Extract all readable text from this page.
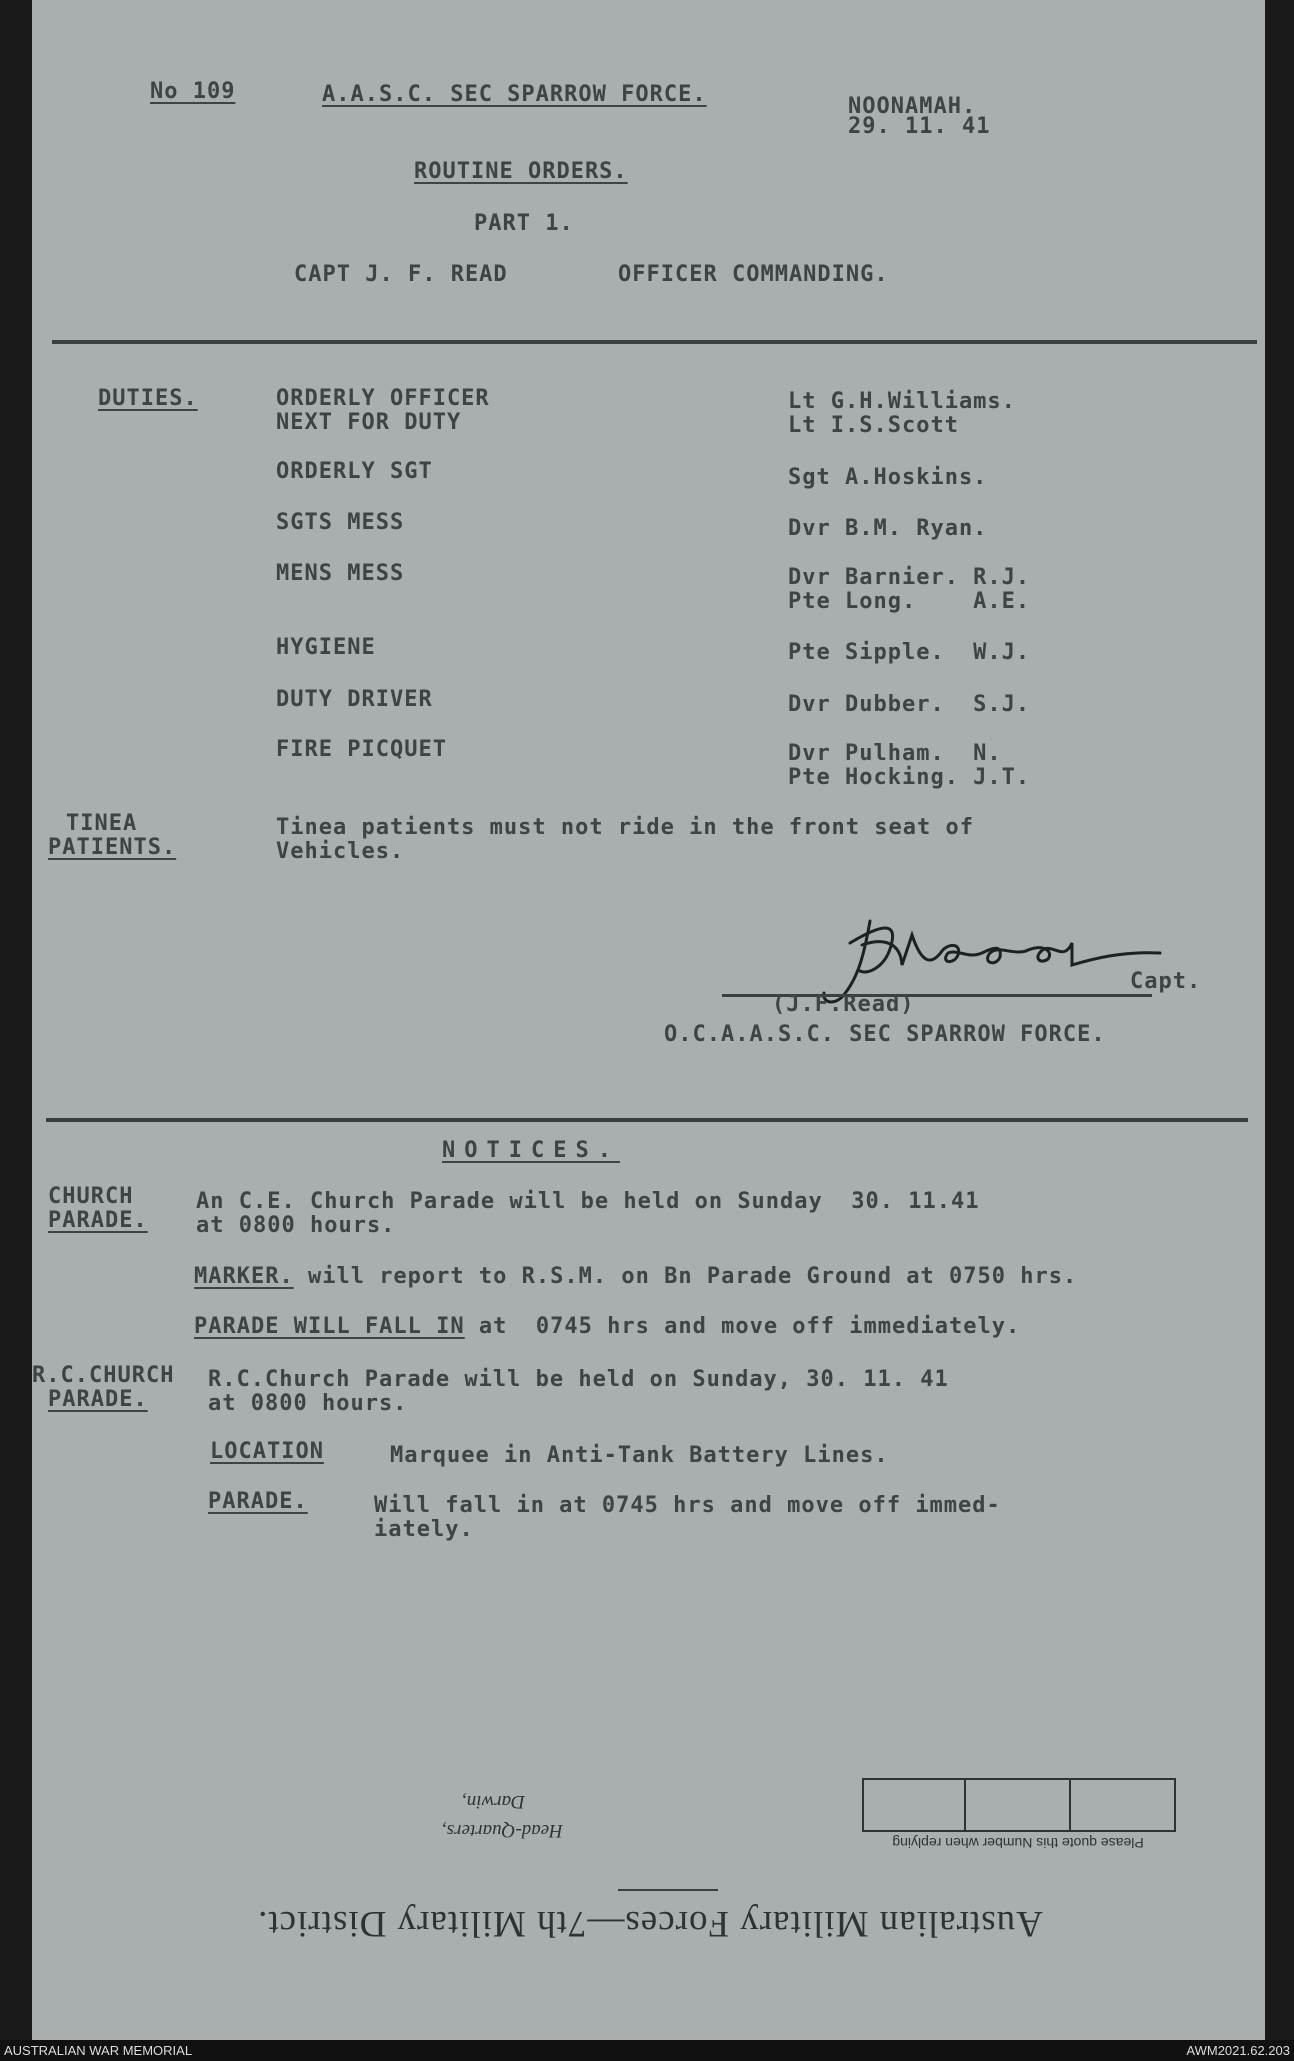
No 109	A.A.S.C. SEC SPARROW FORCE.	NOONAMAH.
29. 11. 41
ROUTINE ORDERS.
PART 1.
CAPT J. F. READ	OFFICER COMMANDING.
DUTIES.	ORDERLY OFFICER	Lt G.H.Williams.
NEXT FOR DUTY	Lt I.S.Scott
ORDERLY SGT	Sgt A.Hoskins.
SGTS MESS	Dvr B.M. Ryan.
MENS MESS	Dvr Barnier. R.J.
Pte Long.    A.E.
HYGIENE	Pte Sipple.  W.J.
DUTY DRIVER	Dvr Dubber.  S.J.
FIRE PICQUET	Dvr Pulham.  N.
Pte Hocking. J.T.
TINEA
PATIENTS.
Tinea patients must not ride in the front seat of
Vehicles.
Capt.
(J.F.Read)
O.C.A.A.S.C. SEC SPARROW FORCE.
NOTICES.
CHURCH
PARADE.
An C.E. Church Parade will be held on Sunday  30. 11.41
at 0800 hours.
MARKER. will report to R.S.M. on Bn Parade Ground at 0750 hrs.
PARADE WILL FALL IN at  0745 hrs and move off immediately.
R.C.CHURCH
PARADE.
R.C.Church Parade will be held on Sunday, 30. 11. 41
at 0800 hours.
LOCATION	Marquee in Anti-Tank Battery Lines.
PARADE.	Will fall in at 0745 hrs and move off immed-
iately.
Australian Military Forces—7th Military District.
Head-Quarters,
Darwin,
Please quote this Number when replying
AUSTRALIAN WAR MEMORIAL	AWM2021.62.203
